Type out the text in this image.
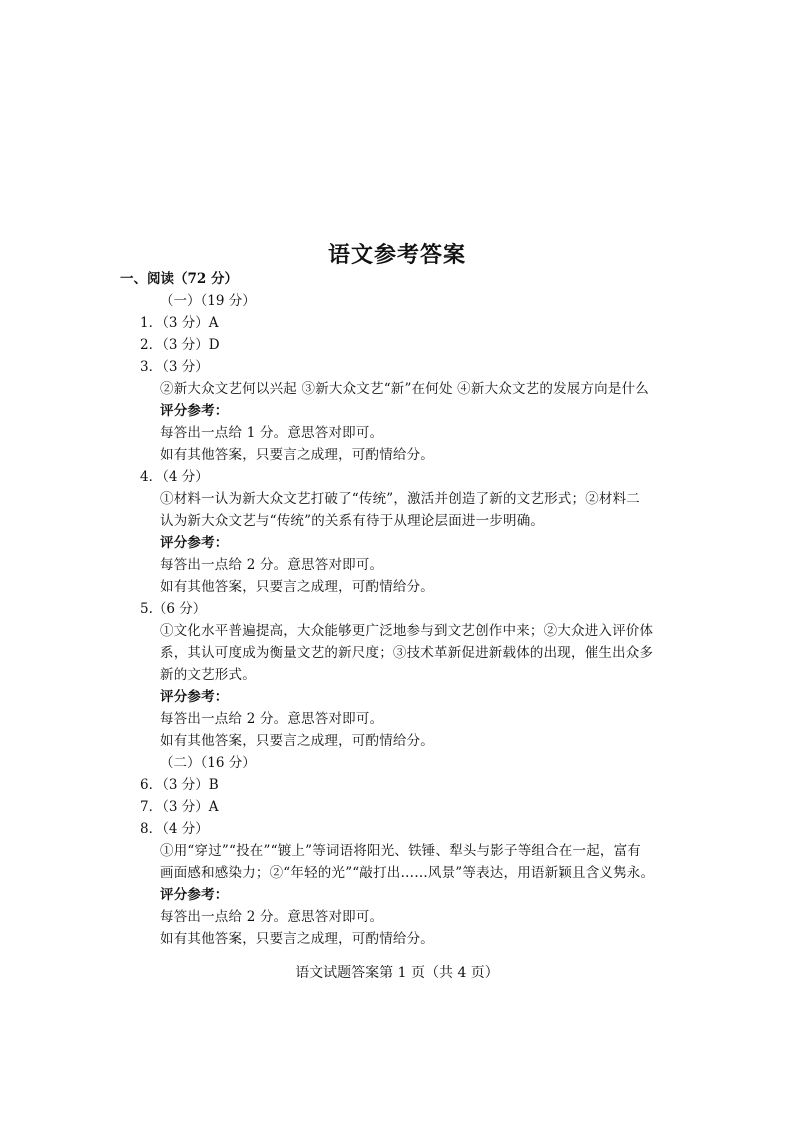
语文参考答案
一、阅读（72 分）
（一）（19 分）
1．（3 分）A
2．（3 分）D
3．（3 分）
②新大众文艺何以兴起 ③新大众文艺“新”在何处 ④新大众文艺的发展方向是什么
评分参考：
每答出一点给 1 分。意思答对即可。
如有其他答案，只要言之成理，可酌情给分。
4．（4 分）
①材料一认为新大众文艺打破了“传统”，激活并创造了新的文艺形式；②材料二
认为新大众文艺与“传统”的关系有待于从理论层面进一步明确。
评分参考：
每答出一点给 2 分。意思答对即可。
如有其他答案，只要言之成理，可酌情给分。
5.（6 分）
①文化水平普遍提高，大众能够更广泛地参与到文艺创作中来；②大众进入评价体
系，其认可度成为衡量文艺的新尺度；③技术革新促进新载体的出现，催生出众多
新的文艺形式。
评分参考：
每答出一点给 2 分。意思答对即可。
如有其他答案，只要言之成理，可酌情给分。
（二）（16 分）
6．（3 分）B
7．（3 分）A
8．（4 分）
①用“穿过”“投在”“镀上”等词语将阳光、铁锤、犁头与影子等组合在一起，富有
画面感和感染力；②“年轻的光”“敲打出……风景”等表达，用语新颖且含义隽永。
评分参考：
每答出一点给 2 分。意思答对即可。
如有其他答案，只要言之成理，可酌情给分。
语文试题答案第 1 页（共 4 页）
